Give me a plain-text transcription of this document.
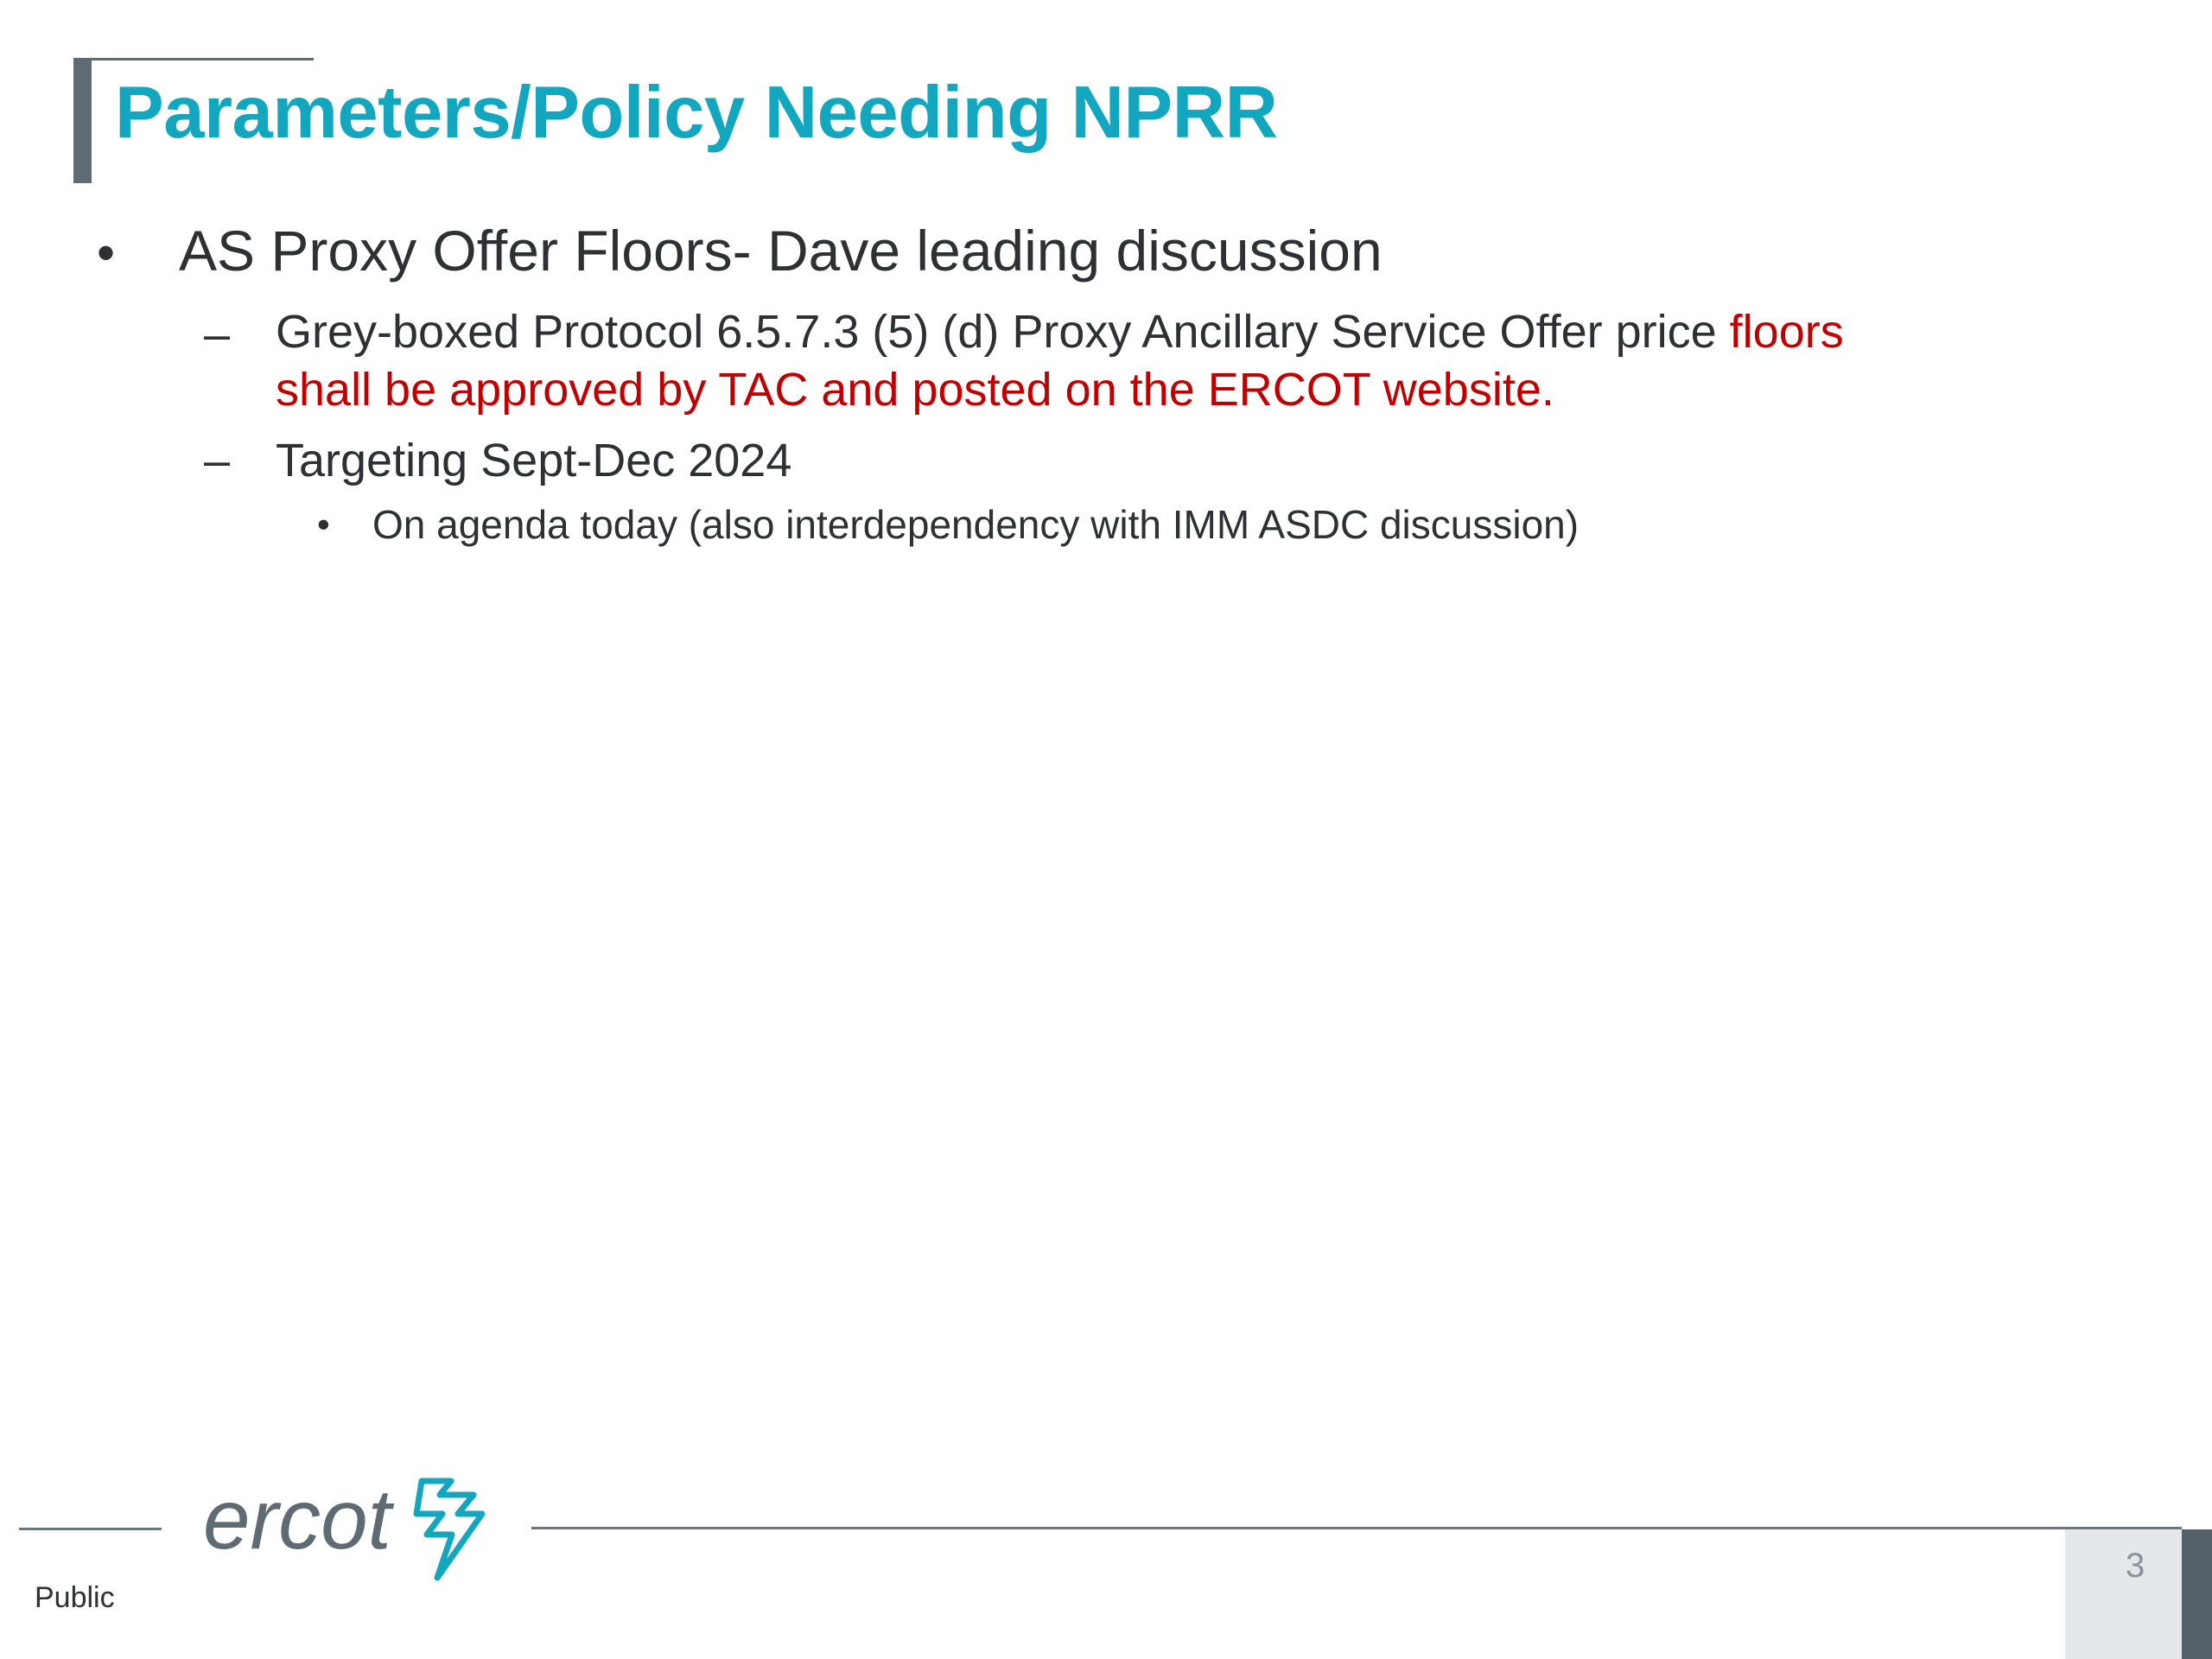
Parameters/Policy Needing NPRR
• AS Proxy Offer Floors- Dave leading discussion
– Grey-boxed Protocol 6.5.7.3 (5) (d) Proxy Ancillary Service Offer price floors
shall be approved by TAC and posted on the ERCOT website.
– Targeting Sept-Dec 2024
• On agenda today (also interdependency with IMM ASDC discussion)
ercot
Public
3
